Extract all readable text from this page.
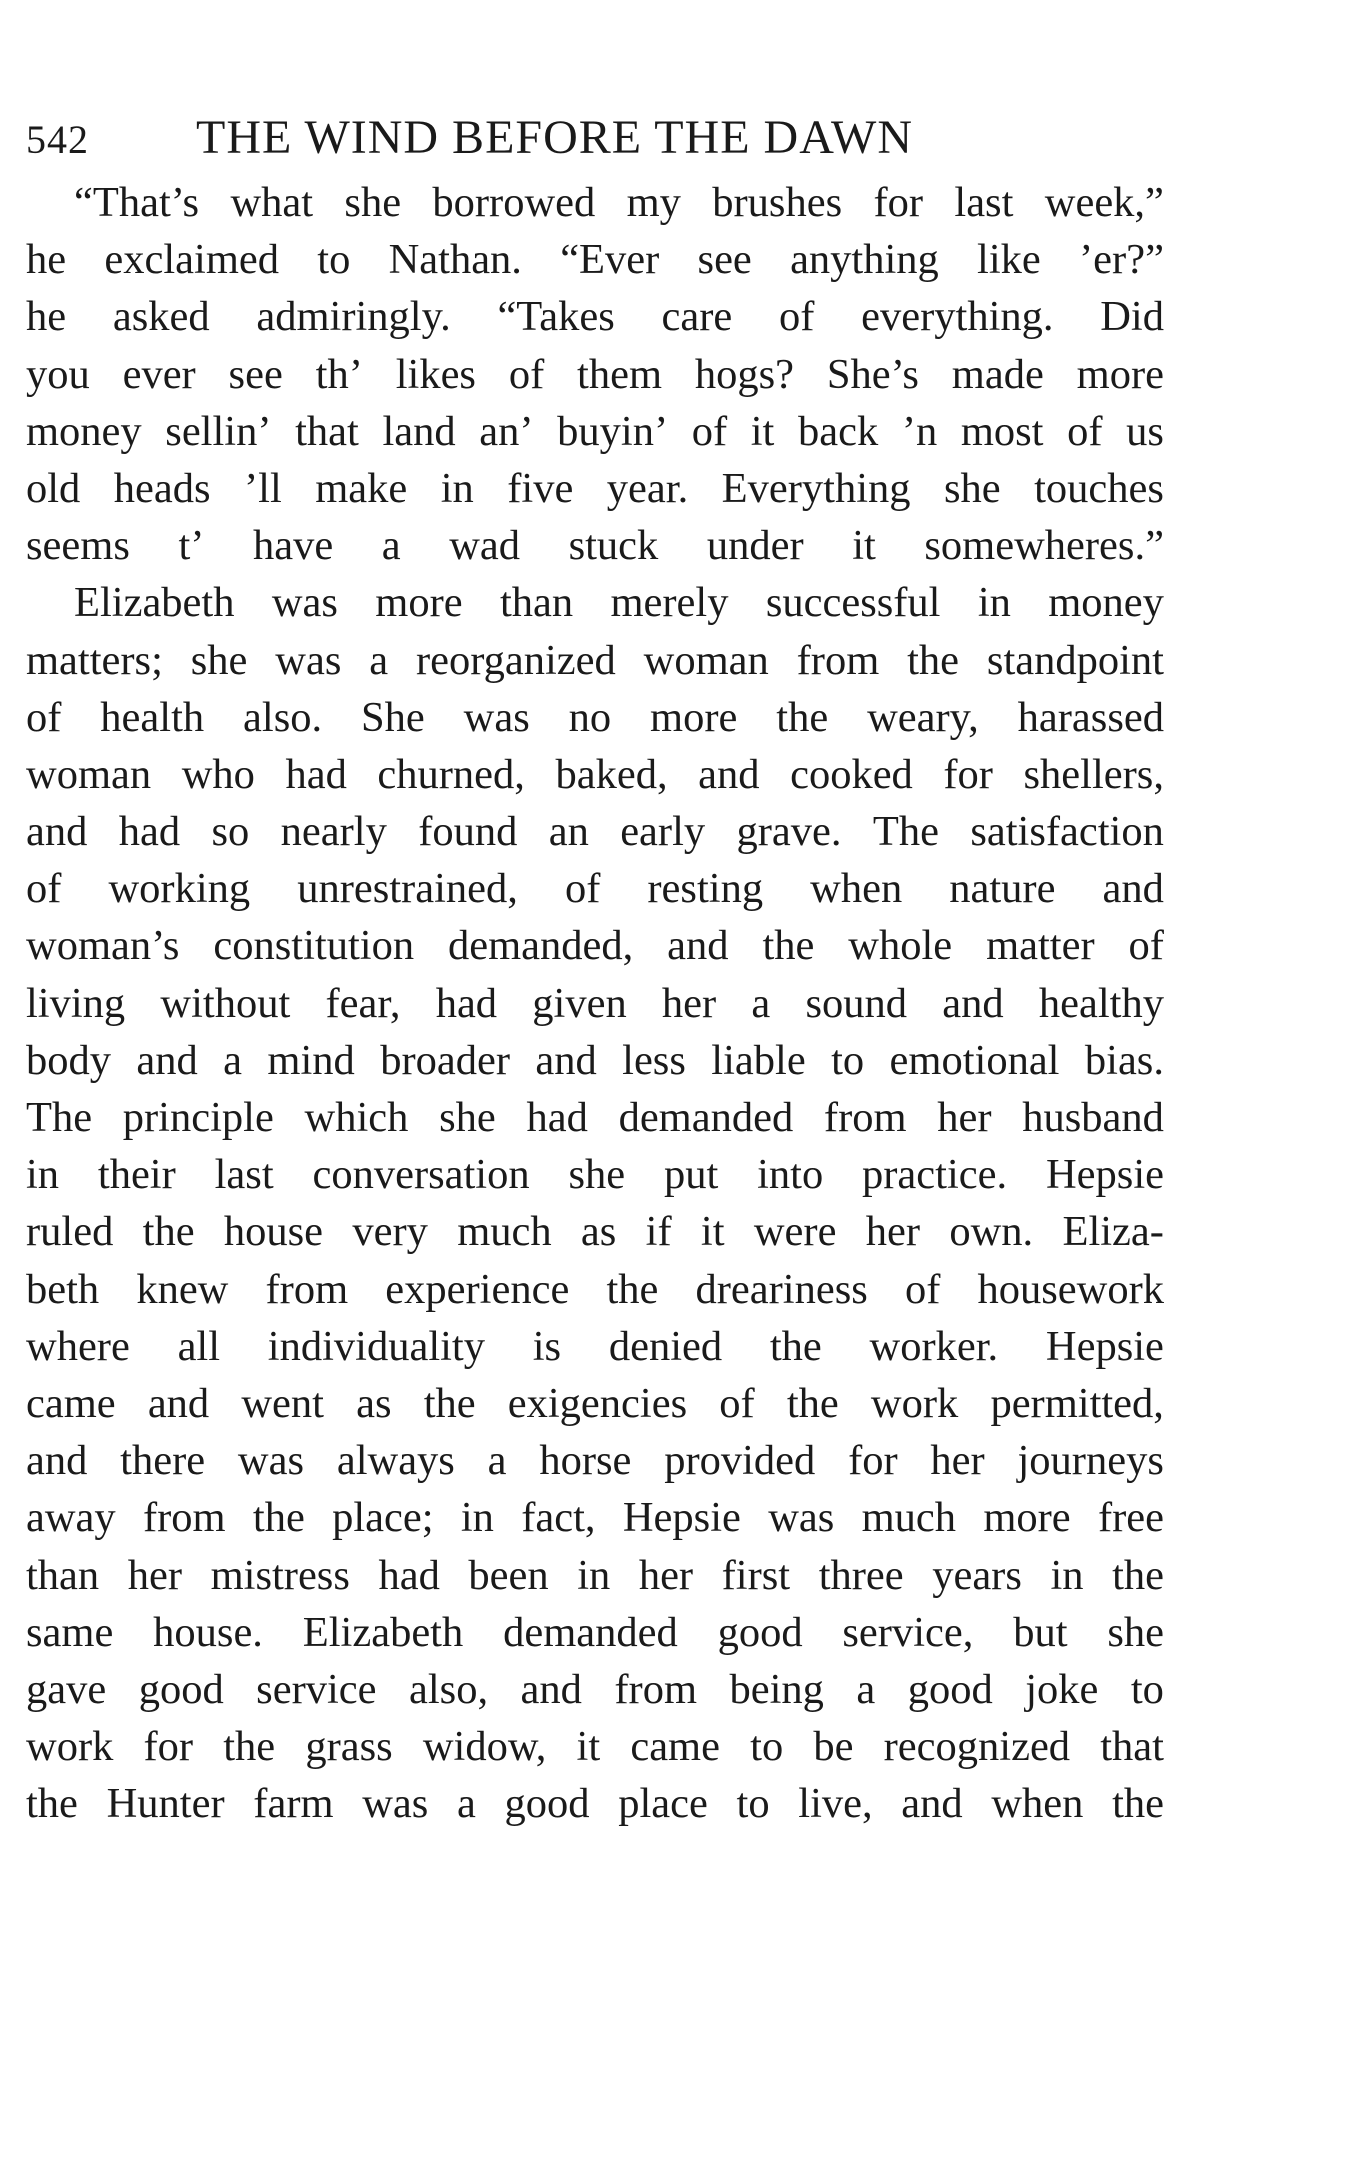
542 THE WIND BEFORE THE DAWN
“That’s what she borrowed my brushes for last week,”
he exclaimed to Nathan. “Ever see anything like ’er?”
he asked admiringly. “Takes care of everything. Did
you ever see th’ likes of them hogs? She’s made more
money sellin’ that land an’ buyin’ of it back ’n most of us
old heads ’ll make in five year. Everything she touches
seems t’ have a wad stuck under it somewheres.”
Elizabeth was more than merely successful in money
matters; she was a reorganized woman from the standpoint
of health also. She was no more the weary, harassed
woman who had churned, baked, and cooked for shellers,
and had so nearly found an early grave. The satisfaction
of working unrestrained, of resting when nature and
woman’s constitution demanded, and the whole matter of
living without fear, had given her a sound and healthy
body and a mind broader and less liable to emotional bias.
The principle which she had demanded from her husband
in their last conversation she put into practice. Hepsie
ruled the house very much as if it were her own. Eliza-
beth knew from experience the dreariness of housework
where all individuality is denied the worker. Hepsie
came and went as the exigencies of the work permitted,
and there was always a horse provided for her journeys
away from the place; in fact, Hepsie was much more free
than her mistress had been in her first three years in the
same house. Elizabeth demanded good service, but she
gave good service also, and from being a good joke to
work for the grass widow, it came to be recognized that
the Hunter farm was a good place to live, and when the
